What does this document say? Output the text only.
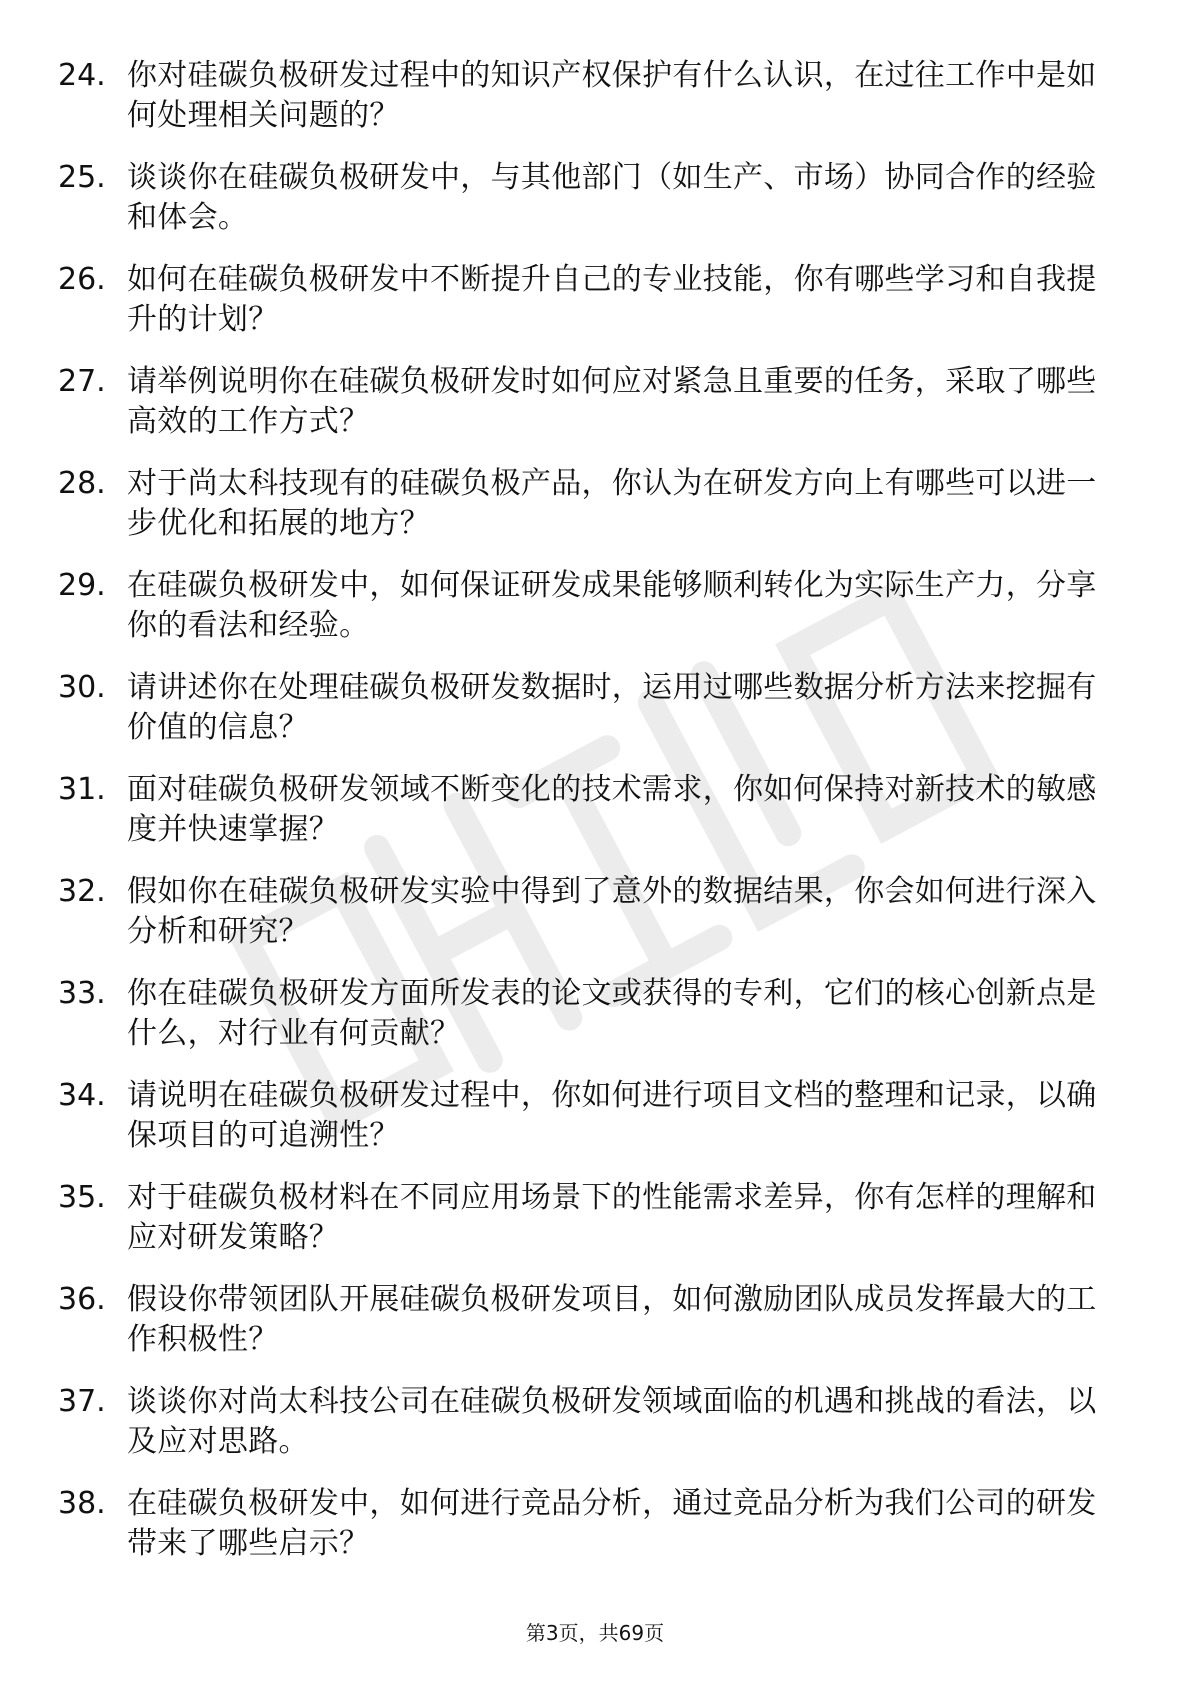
24. 你对硅碳负极研发过程中的知识产权保护有什么认识，在过往工作中是如何处理相关问题的？
25. 谈谈你在硅碳负极研发中，与其他部门（如生产、市场）协同合作的经验和体会。
26. 如何在硅碳负极研发中不断提升自己的专业技能，你有哪些学习和自我提升的计划？
27. 请举例说明你在硅碳负极研发时如何应对紧急且重要的任务，采取了哪些高效的工作方式？
28. 对于尚太科技现有的硅碳负极产品，你认为在研发方向上有哪些可以进一步优化和拓展的地方？
29. 在硅碳负极研发中，如何保证研发成果能够顺利转化为实际生产力，分享你的看法和经验。
30. 请讲述你在处理硅碳负极研发数据时，运用过哪些数据分析方法来挖掘有价值的信息？
31. 面对硅碳负极研发领域不断变化的技术需求，你如何保持对新技术的敏感度并快速掌握？
32. 假如你在硅碳负极研发实验中得到了意外的数据结果，你会如何进行深入分析和研究？
33. 你在硅碳负极研发方面所发表的论文或获得的专利，它们的核心创新点是什么，对行业有何贡献？
34. 请说明在硅碳负极研发过程中，你如何进行项目文档的整理和记录，以确保项目的可追溯性？
35. 对于硅碳负极材料在不同应用场景下的性能需求差异，你有怎样的理解和应对研发策略？
36. 假设你带领团队开展硅碳负极研发项目，如何激励团队成员发挥最大的工作积极性？
37. 谈谈你对尚太科技公司在硅碳负极研发领域面临的机遇和挑战的看法，以及应对思路。
38. 在硅碳负极研发中，如何进行竞品分析，通过竞品分析为我们公司的研发带来了哪些启示？
第3页，共69页
